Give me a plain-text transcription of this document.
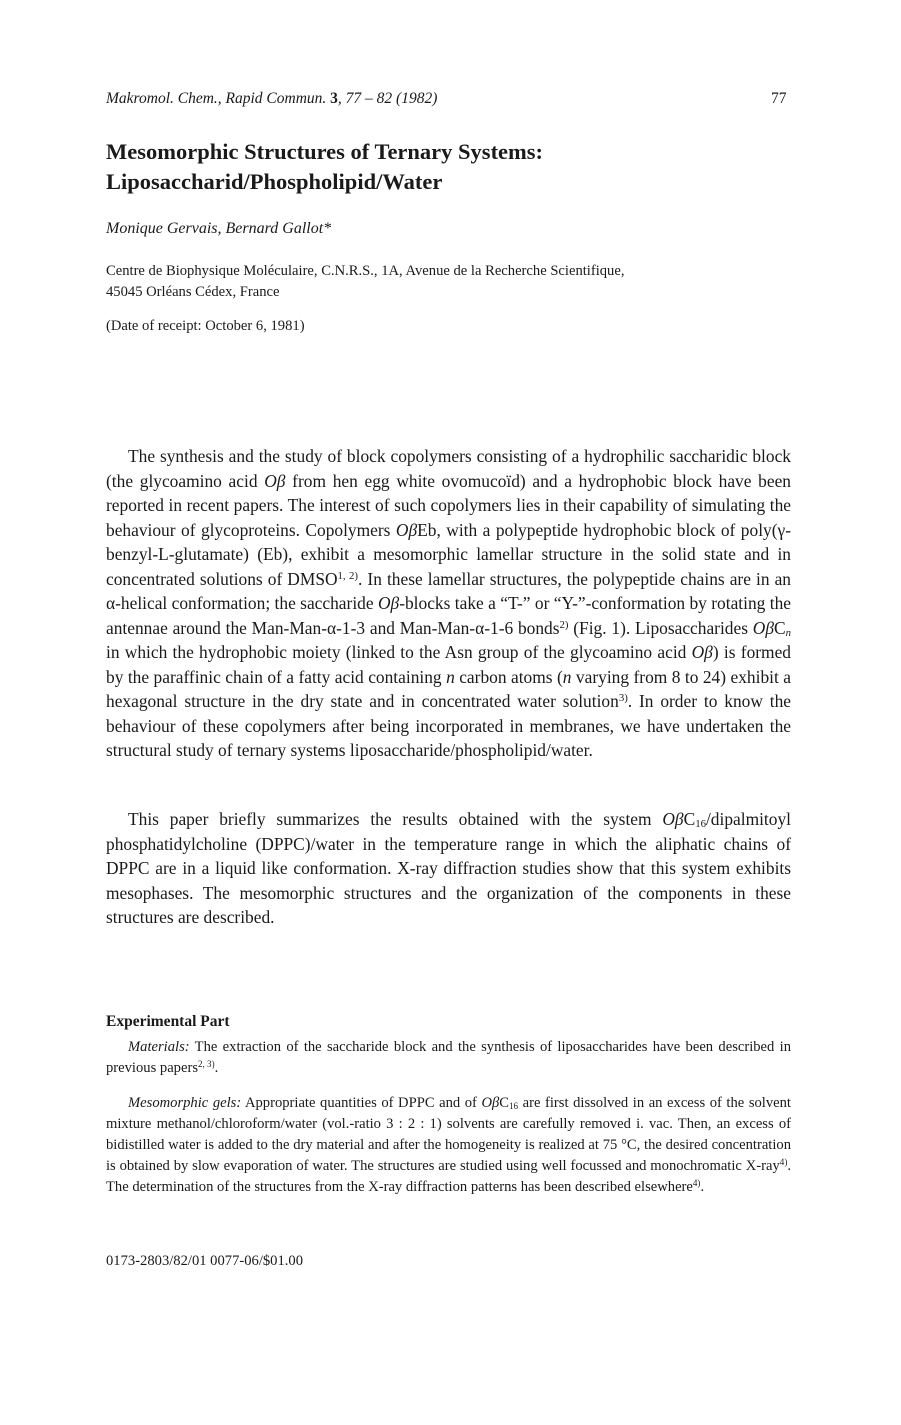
Makromol. Chem., Rapid Commun. 3, 77 – 82 (1982)	77
Mesomorphic Structures of Ternary Systems:
Liposaccharid/Phospholipid/Water
Monique Gervais, Bernard Gallot*
Centre de Biophysique Moléculaire, C.N.R.S., 1A, Avenue de la Recherche Scientifique,
45045 Orléans Cédex, France
(Date of receipt: October 6, 1981)
The synthesis and the study of block copolymers consisting of a hydrophilic saccharidic block (the glycoamino acid Oβ from hen egg white ovomucoïd) and a hydrophobic block have been reported in recent papers. The interest of such copolymers lies in their capability of simulating the behaviour of glycoproteins. Copolymers OβEb, with a polypeptide hydrophobic block of poly(γ-benzyl-L-glutamate) (Eb), exhibit a mesomorphic lamellar structure in the solid state and in concentrated solutions of DMSO$^{1, 2)}$. In these lamellar structures, the polypeptide chains are in an α-helical conformation; the saccharide Oβ-blocks take a “T-” or “Y-”-conformation by rotating the antennae around the Man-Man-α-1-3 and Man-Man-α-1-6 bonds$^{2)}$ (Fig. 1). Liposaccharides OβC$_n$ in which the hydrophobic moiety (linked to the Asn group of the glycoamino acid Oβ) is formed by the paraffinic chain of a fatty acid containing n carbon atoms (n varying from 8 to 24) exhibit a hexagonal structure in the dry state and in concentrated water solution$^{3)}$. In order to know the behaviour of these copolymers after being incorporated in membranes, we have undertaken the structural study of ternary systems liposaccharide/phospholipid/water.
This paper briefly summarizes the results obtained with the system OβC$_{16}$/dipalmitoyl phosphatidylcholine (DPPC)/water in the temperature range in which the aliphatic chains of DPPC are in a liquid like conformation. X-ray diffraction studies show that this system exhibits mesophases. The mesomorphic structures and the organization of the components in these structures are described.
Experimental Part
Materials: The extraction of the saccharide block and the synthesis of liposaccharides have been described in previous papers$^{2, 3)}$.
Mesomorphic gels: Appropriate quantities of DPPC and of OβC$_{16}$ are first dissolved in an excess of the solvent mixture methanol/chloroform/water (vol.-ratio 3 : 2 : 1) solvents are carefully removed i. vac. Then, an excess of bidistilled water is added to the dry material and after the homogeneity is realized at 75 °C, the desired concentration is obtained by slow evaporation of water. The structures are studied using well focussed and monochromatic X-ray$^{4)}$. The determination of the structures from the X-ray diffraction patterns has been described elsewhere$^{4)}$.
0173-2803/82/01 0077-06/$01.00
